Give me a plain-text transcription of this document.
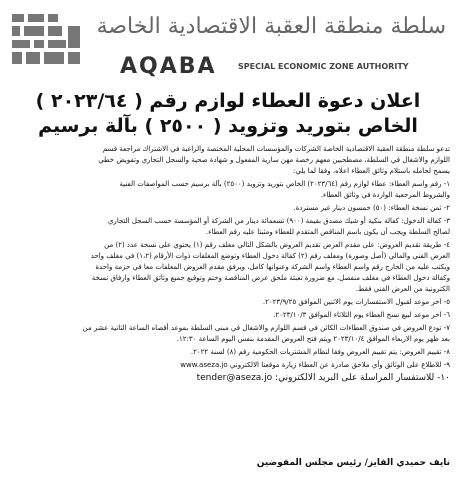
سلطة منطقة العقبة الاقتصادية الخاصة
AQABA	SPECIAL ECONOMIC ZONE AUTHORITY
اعلان دعوة العطاء لوازم رقم ( ٢٠٢٣/٦٤ )
الخاص بتوريد وتزويد ( ٢٥٠٠ ) بآلة برسيم
تدعو سلطة منطقة العقبة الاقتصادية الخاصة الشركات والمؤسسات المحلية المختصة والراغبة في الاشتراك مراجعة قسم
اللوازم والاشغال في السلطة، مصطحبين معهم رخصة مهن سارية المفعول و شهادة صحية والسجل التجاري وتفويض خطي
يسمح لحامله باستلام وثائق العطاء اعلاه، وفقا لما يلي:
١- رقم واسم العطاء: عطاء لوازم رقم (٢٠٢٣/٦٤) الخاص بتوريد وتزويد (٢٥٠٠) بآلة برسيم حسب المواصفات الفنية
والشروط المرجعية الواردة في وثائق العطاء.
٢- ثمن نسخة العطاء: (٥٠) خمسون دينار غير مستردة.
٣- كفالة الدخول: كفالة بنكية أو شيك مصدق بقيمة (٩٠٠) تسعمائة دينار من الشركة أو المؤسسة حسب السجل التجاري
لصالح السلطة ويجب أن يكون باسم المناقص المتقدم للعطاء ومثبتا عليه رقم العطاء.
٤- طريقة تقديم العروض: على مقدم العرض تقديم العروض بالشكل التالي مغلف رقم (١) يحتوي على نسخة عدد (٢) من
العرض الفني والمالي (أصل وصورة) ومغلف رقم (٢) كفالة دخول العطاء وتوضع المغلفات ذوات الأرقام (١،٢) في مغلف واحد
ويكتب عليه من الخارج رقم واسم العطاء واسم الشركة وعنوانها كامل، ويرفق مقدم العروض المغلفات معا في حزمة واحدة
وكفالة دخول العطاء في مغلف منفصل، مع ضرورة تعبئة ملحق عرض المناقصة وختم وتوقيع جميع وثائق العطاء وارفاق نسخة
الكترونية من العرض الفني فقط.
٥- اخر موعد لقبول الاستفسارات يوم الاثنين الموافق ٢٠٢٣/٩/٢٥.
٦- اخر موعد لبيع نسخ العطاء يوم الثلاثاء الموافق ٢٠٢٣/١٠/٣.
٧- تودع العروض في صندوق العطاءات الكائن في قسم اللوازم والاشغال في مبنى السلطة بموعد أقصاه الساعة الثانية عشر من
بعد ظهر يوم الاربعاء الموافق ٢٠٢٣/١٠/٤ ويتم فتح العروض المقدمة بنفس اليوم الساعة ١٢:٣٠.
٨- تقييم العروض: يتم تقييم العروض وفقا لنظام المشتريات الحكومية رقم (٨) لسنة ٢٠٢٢.
٩- للاطلاع على الوثائق وأي ملاحق صادرة عن العطاء زيارة موقعنا الالكتروني www.aseza.jo
١٠- للاستفسار المراسلة على البريد الالكتروني: tender@aseza.jo
نايف حميدي الفايز/ رئيس مجلس المفوضين
